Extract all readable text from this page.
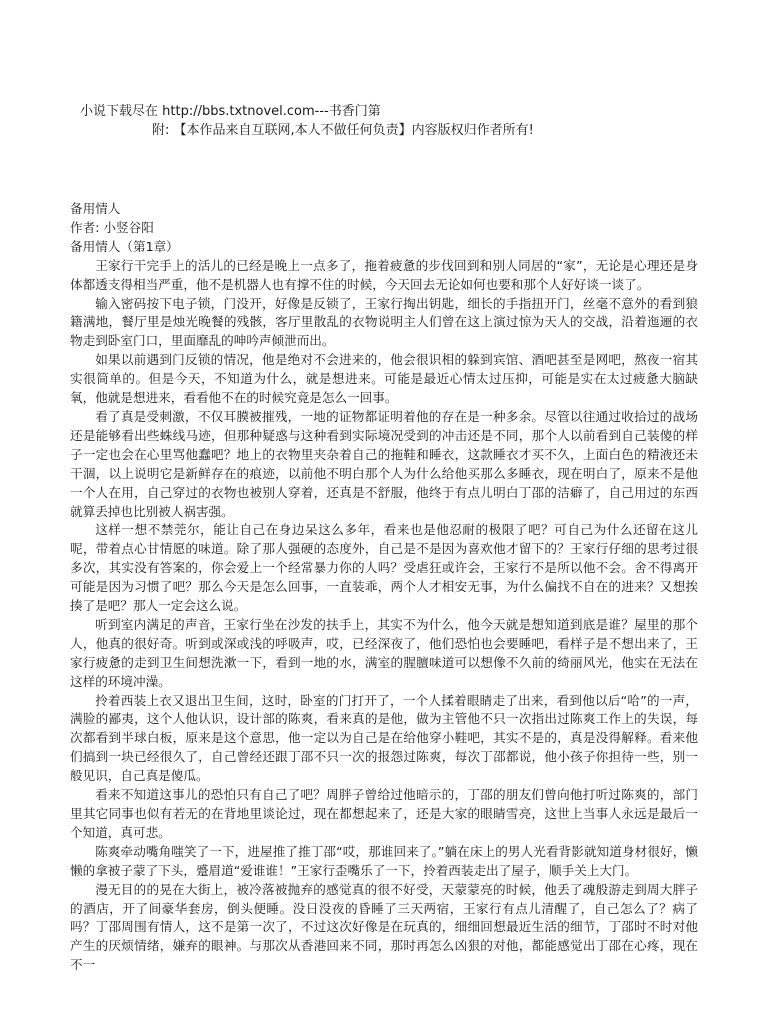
小说下载尽在 http://bbs.txtnovel.com---书香门第
附: 【本作品来自互联网,本人不做任何负责】内容版权归作者所有!
备用情人
作者: 小竖谷阳
备用情人（第1章）

王家行干完手上的活儿的已经是晚上一点多了，拖着疲惫的步伐回到和别人同居的“家”，无论是心理还是身体都透支得相当严重，他不是机器人也有撑不住的时候，今天回去无论如何也要和那个人好好谈一谈了。

输入密码按下电子锁，门没开，好像是反锁了，王家行掏出钥匙，细长的手指扭开门，丝毫不意外的看到狼籍满地，餐厅里是烛光晚餐的残骸，客厅里散乱的衣物说明主人们曾在这上演过惊为天人的交战，沿着迤逦的衣物走到卧室门口，里面靡乱的呻吟声倾泄而出。

如果以前遇到门反锁的情况，他是绝对不会进来的，他会很识相的躲到宾馆、酒吧甚至是网吧，熬夜一宿其实很简单的。但是今天，不知道为什么，就是想进来。可能是最近心情太过压抑，可能是实在太过疲惫大脑缺氧，他就是想进来，看看他不在的时候究竟是怎么一回事。

看了真是受刺激，不仅耳膜被摧残，一地的证物都证明着他的存在是一种多余。尽管以往通过收拾过的战场还是能够看出些蛛线马迹，但那种疑惑与这种看到实际境况受到的冲击还是不同，那个人以前看到自己装傻的样子一定也会在心里骂他蠢吧？地上的衣物里夹杂着自己的拖鞋和睡衣，这款睡衣才买不久，上面白色的精液还未干涸，以上说明它是新鲜存在的痕迹，以前他不明白那个人为什么给他买那么多睡衣，现在明白了，原来不是他一个人在用，自己穿过的衣物也被别人穿着，还真是不舒服，他终于有点儿明白丁邵的洁癖了，自己用过的东西就算丢掉也比别被人祸害强。

这样一想不禁莞尔，能让自己在身边呆这么多年，看来也是他忍耐的极限了吧？可自己为什么还留在这儿呢，带着点心甘情愿的味道。除了那人强硬的态度外，自己是不是因为喜欢他才留下的？王家行仔细的思考过很多次，其实没有答案的，你会爱上一个经常暴力你的人吗？受虐狂或许会，王家行不是所以他不会。舍不得离开可能是因为习惯了吧？那么今天是怎么回事，一直装乖，两个人才相安无事，为什么偏找不自在的进来？又想挨揍了是吧？那人一定会这么说。

听到室内满足的声音，王家行坐在沙发的扶手上，其实不为什么，他今天就是想知道到底是谁？屋里的那个人，他真的很好奇。听到或深或浅的呼吸声，哎，已经深夜了，他们恐怕也会要睡吧，看样子是不想出来了，王家行疲惫的走到卫生间想洗漱一下，看到一地的水，满室的腥膻味道可以想像不久前的绮丽风光，他实在无法在这样的环境冲澡。

拎着西装上衣又退出卫生间，这时，卧室的门打开了，一个人揉着眼睛走了出来，看到他以后“哈”的一声，满脸的鄙夷，这个人他认识，设计部的陈爽，看来真的是他，做为主管他不只一次指出过陈爽工作上的失误，每次都看到半球白板，原来是这个意思，他一定以为自己是在给他穿小鞋吧，其实不是的，真是没得解释。看来他们搞到一块已经很久了，自己曾经还跟丁邵不只一次的报怨过陈爽，每次丁邵都说，他小孩子你担待一些，别一般见识，自己真是傻瓜。

看来不知道这事儿的恐怕只有自己了吧？周胖子曾给过他暗示的，丁邵的朋友们曾向他打听过陈爽的，部门里其它同事也似有若无的在背地里谈论过，现在都想起来了，还是大家的眼睛雪亮，这世上当事人永远是最后一个知道，真可悲。

陈爽牵动嘴角嗤笑了一下，进屋推了推丁邵“哎，那谁回来了。”躺在床上的男人光看背影就知道身材很好，懒懒的拿被子蒙了下头，蹙眉道“爱谁谁！”王家行歪嘴乐了一下，拎着西装走出了屋子，顺手关上大门。

漫无目的的晃在大街上，被冷落被抛弃的感觉真的很不好受，天蒙蒙亮的时候，他丢了魂般游走到周大胖子的酒店，开了间豪华套房，倒头便睡。没日没夜的昏睡了三天两宿，王家行有点儿清醒了，自己怎么了？病了吗？丁邵周围有情人，这不是第一次了，不过这次好像是在玩真的，细细回想最近生活的细节，丁邵时不时对他产生的厌烦情绪，嫌弃的眼神。与那次从香港回来不同，那时再怎么凶狠的对他，都能感觉出丁邵在心疼，现在不一
